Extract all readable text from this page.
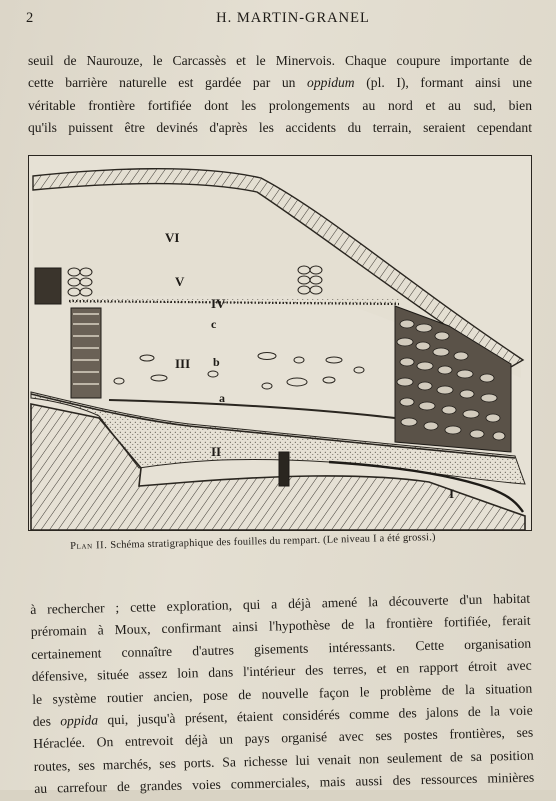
2	H. MARTIN-GRANEL

seuil de Naurouze, le Carcassès et le Minervois. Chaque coupure importante de
cette barrière naturelle est gardée par un oppidum (pl. I), formant ainsi une
véritable frontière fortifiée dont les prolongements au nord et au sud, bien
qu'ils puissent être devinés d'après les accidents du terrain, seraient cependant

VI
V
IV
c
III b
a
II
I
Plan II. Schéma stratigraphique des fouilles du rempart. (Le niveau I a été grossi.)

à rechercher ; cette exploration, qui a déjà amené la découverte d'un habitat
préromain à Moux, confirmant ainsi l'hypothèse de la frontière fortifiée, ferait
certainement connaître d'autres gisements intéressants. Cette organisation
défensive, située assez loin dans l'intérieur des terres, et en rapport étroit avec
le système routier ancien, pose de nouvelle façon le problème de la situation
des oppida qui, jusqu'à présent, étaient considérés comme des jalons de la voie
Héraclée. On entrevoit déjà un pays organisé avec ses postes frontières, ses
routes, ses marchés, ses ports. Sa richesse lui venait non seulement de sa position
au carrefour de grandes voies commerciales, mais aussi des ressources minières
